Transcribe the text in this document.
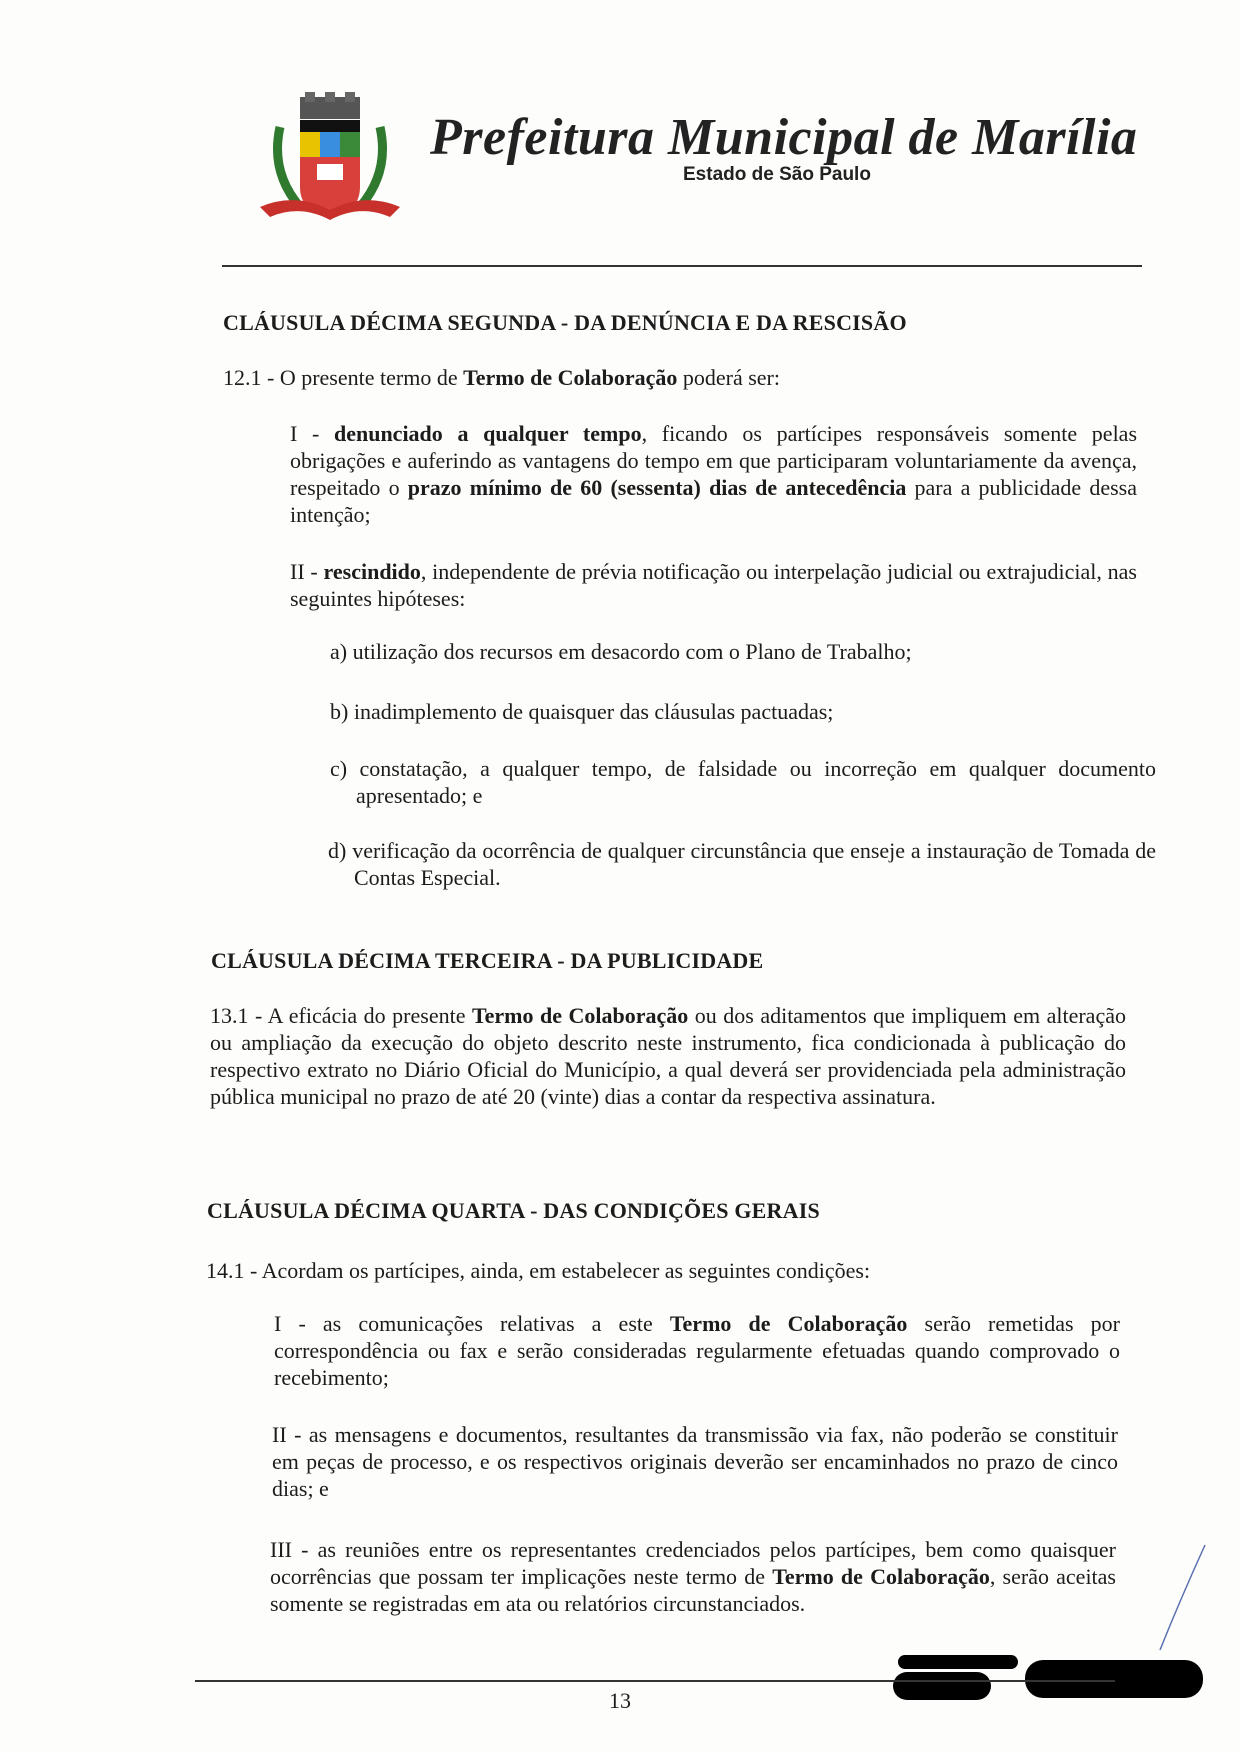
Prefeitura Municipal de Marília
Estado de São Paulo
CLÁUSULA DÉCIMA SEGUNDA - DA DENÚNCIA E DA RESCISÃO
12.1 - O presente termo de Termo de Colaboração poderá ser:
I - denunciado a qualquer tempo, ficando os partícipes responsáveis somente pelas obrigações e auferindo as vantagens do tempo em que participaram voluntariamente da avença, respeitado o prazo mínimo de 60 (sessenta) dias de antecedência para a publicidade dessa intenção;
II - rescindido, independente de prévia notificação ou interpelação judicial ou extrajudicial, nas seguintes hipóteses:
a) utilização dos recursos em desacordo com o Plano de Trabalho;
b) inadimplemento de quaisquer das cláusulas pactuadas;
c) constatação, a qualquer tempo, de falsidade ou incorreção em qualquer documento apresentado; e
d) verificação da ocorrência de qualquer circunstância que enseje a instauração de Tomada de Contas Especial.
CLÁUSULA DÉCIMA TERCEIRA - DA PUBLICIDADE
13.1 - A eficácia do presente Termo de Colaboração ou dos aditamentos que impliquem em alteração ou ampliação da execução do objeto descrito neste instrumento, fica condicionada à publicação do respectivo extrato no Diário Oficial do Município, a qual deverá ser providenciada pela administração pública municipal no prazo de até 20 (vinte) dias a contar da respectiva assinatura.
CLÁUSULA DÉCIMA QUARTA - DAS CONDIÇÕES GERAIS
14.1 - Acordam os partícipes, ainda, em estabelecer as seguintes condições:
I - as comunicações relativas a este Termo de Colaboração serão remetidas por correspondência ou fax e serão consideradas regularmente efetuadas quando comprovado o recebimento;
II - as mensagens e documentos, resultantes da transmissão via fax, não poderão se constituir em peças de processo, e os respectivos originais deverão ser encaminhados no prazo de cinco dias; e
III - as reuniões entre os representantes credenciados pelos partícipes, bem como quaisquer ocorrências que possam ter implicações neste termo de Termo de Colaboração, serão aceitas somente se registradas em ata ou relatórios circunstanciados.
13
